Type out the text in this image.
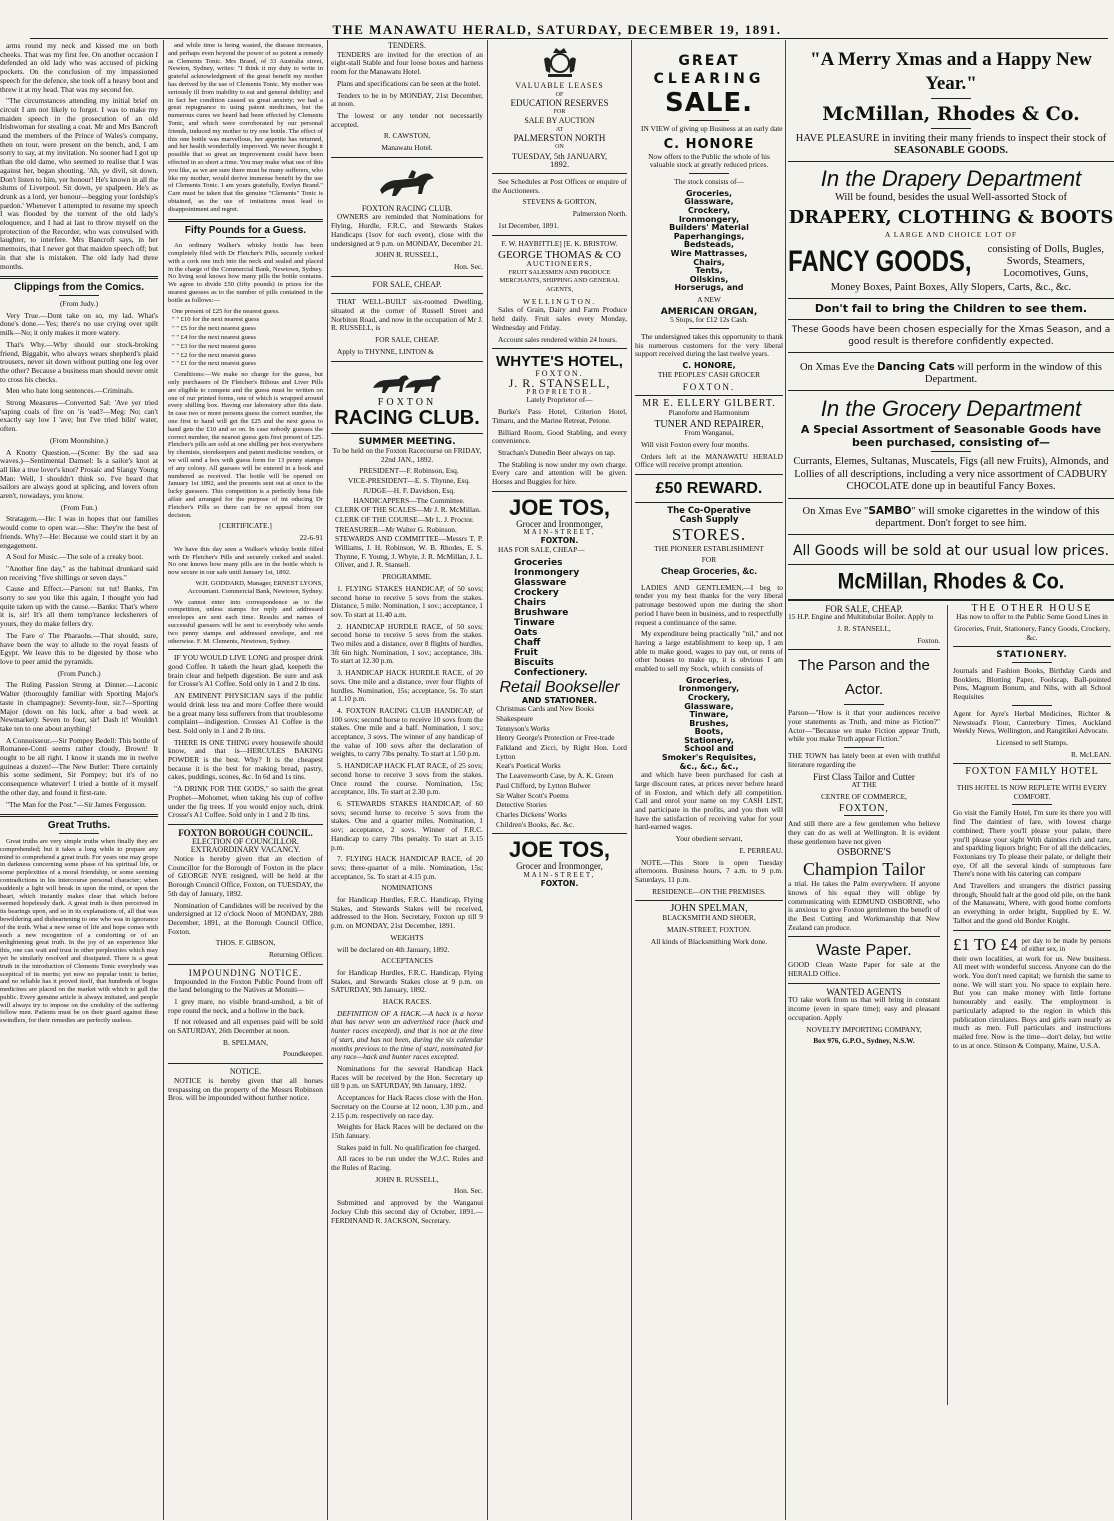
THE MANAWATU HERALD, SATURDAY, DECEMBER 19, 1891.

arms round my neck and kissed me on both cheeks. That was my first fee. On another occasion I defended an old lady who was accused of picking pockets. On the conclusion of my impassioned speech for the defence, she took off a heavy boot and threw it at my head. That was my second fee.

"The circumstances attending my initial brief on circuit I am not likely to forget. I was to make my maiden speech in the prosecution of an old Irishwoman for stealing a coat. Mr and Mrs Bancroft and the members of the Prince of Wales's company, then on tour, were present on the bench, and, I am sorry to say, at my invitation. No sooner had I got up than the old dame, who seemed to realise that I was against her, began shouting, 'Ah, ye divil, sit down. Don't listen to him, yer honour! He's known in all the slums of Liverpool. Sit down, ye spalpeen. He's as drunk as a lord, yer honour—begging your lordship's pardon.' Whenever I attempted to resume my speech I was flooded by the torrent of the old lady's eloquence, and I had at last to throw myself on the protection of the Recorder, who was convulsed with laughter, to interfere. Mrs Bancroft says, in her memoirs, that I never got that maiden speech off; but in that she is mistaken. The old lady had three months.

Clippings from the Comics.

(From Judy.)

Very True.—Dont take on so, my lad. What's done's done.—Yes; there's no use crying over spilt milk—No; it only makes it more watery.

That's Why.—Why should our stock-broking friend, Biggabit, who always wears shepherd's plaid trousers, never sit down without putting one leg over the other? Because a business man should never omit to cross his checks.

Men who hate long sentences.—Criminals.

Strong Measures—Converted Sal: 'Ave yer tried 'saping coals of fire on 'is 'ead?—Meg: No; can't exactly say low I 'ave; but I've tried bilin' water, often.

(From Moonshine.)

A Knotty Question.—(Scene: By the sad sea waves.)—Sentimental Damsel: Is a sailor's knot at all like a true lover's knot? Prosaic and Slangy Young Man: Well, I shouldn't think so. I've heard that sailors are always good at splicing, and lovers often aren't, nowadays, you know.

(From Fun.)

Stratagem.—He: I was in hopes that our families would come to open war.—She: They're the best of friends. Why?—He: Because we could start it by an engagement.

A Soul for Music.—The sole of a creaky boot.

"Another fine day," as the habitual drunkard said on receiving "five shillings or seven days."

Cause and Effect.—Parson: tut tut! Banks, I'm sorry to see you like this again, I thought you had quite taken up with the cause.—Banks: That's where it is, sir! It's all them temp'rance lecksherers of yours, they do make fellers dry.

The Fare o' The Pharaohs.—That should, sure, have been the way to allude to the royal feasts of Egypt. We leave this to be digested by those who love to peer amid the pyramids.

(From Punch.)

The Ruling Passion Strong at Dinner.—Laconic Walter (thoroughly familiar with Sporting Major's taste in champagne): Seventy-four, sir.?—Sporting Major (down on his luck, after a bad week at Newmarket): Seven to four, sir! Dash it! Wouldn't take ten to one about anything!

A Connoisseur.—Sir Pompey Bedell: This bottle of Romanee-Conti seems rather cloudy, Brown! It ought to be all right. I know it stands me in twelve guineas a dozen!—The New Butler: There certainly his some sediment, Sir Pompey; but it's of no consequence whatever! I tried a bottle of it myself the other day, and found it first-rate.

"The Man for the Post."—Sir James Fergusson.

Great Truths.

Great truths are very simple truths when finally they are comprehended; but it takes a long while to prepare any mind to comprehend a great truth. For years one may grope in darkness concerning some phase of his spiritual life, or some perplexities of a moral friendship, or some seeming contradictions in his intercourse personal character; when suddenly a light will break in upon the mind, or upon the heart, which instantly makes clear that which before seemed hopelessly dark. A great truth is then perceived in its bearings upon, and so in its explanations of, all that was bewildering and disheartening to one who was in ignorance of the truth. What a new sense of life and hope comes with such a new recognition of a comforting or of an enlightening great truth. In the joy of an experience like this, one can wait and trust in other perplexities which may yet be similarly resolved and dissipated. There is a great truth in the introduction of Clements Tonic everybody was sceptical of its merits; yet now no popular tonic is better, and no reliable has it proved itself, that hundreds of bogus medicines are placed on the market with which to gull the public. Every genuine article is always imitated, and people will always try to impose on the credulity of the suffering fellow men. Patients must be on their guard against these swindlers, for their remedies are perfectly useless.

and while time is being wasted, the disease increases, and perhaps even beyond the power of so potent a remedy as Clements Tonic. Mrs Brand, of 33 Australia street, Newton, Sydney, writes: "I think it my duty to write in grateful acknowledgment of the great benefit my mother has derived by the use of Clements Tonic. My mother was seriously ill from inability to eat and general debility; and in fact her condition caused us great anxiety; we had a great repugnance to using patent medicines, but the numerous cures we heard had been effected by Clements Tonic, and which were corroborated by our personal friends, induced my mother to try one bottle. The effect of this one bottle was marvellous, her appetite has returned, and her health wonderfully improved. We never thought it possible that so great an improvement could have been effected in so short a time. You may make what use of this you like, as we are sure there must be many sufferers, who like my mother, would derive immense benefit by the use of Clements Tonic. I am yours gratefully, Evelyn Brand." Care must be taken that the genuine "Clements" Tonic is obtained, as the use of imitations must lead to disappointment and regret.

Fifty Pounds for a Guess.

An ordinary Walker's whisky bottle has been completely filed with Dr Fletcher's Pills, securely corked with a cork one inch into the neck and sealed and placed in the charge of the Commercial Bank, Newtown, Sydney. No living soul knows how many pills the bottle contains. We agree to divide £50 (fifty pounds) in prizes for the nearest guesses as to the number of pills contained in the bottle as follows:—

One present of £25 for the nearest guess.
" " £10 for the next nearest guess
" " £5 for the next nearest guess
" " £4 for the next nearest guess
" " £3 for the next nearest guess
" " £2 for the next nearest guess
" " £1 for the next nearest guess

Conditions:—We make no charge for the guess, but only purchasers of Dr Fletcher's Bilious and Liver Pills are eligible to compete and the guess must be written on one of our printed forms, one of which is wrapped around every shilling box. Having our laboratory after this date. In case two or more persons guess the correct number, the one first to hand will get the £25 and the next guess to hand gets the £10 and so on. In case nobody guesses the correct number, the nearest guess gets first present of £25. Fletcher's pills are sold at one shilling per box everywhere by chemists, storekeepers and patent medicine vendors, or we will send a box with guess form for 13 penny stamps of any colony. All guesses will be entered in a book and numbered as received. The bottle will be opened on January 1st 1892, and the presents sent out at once to the lucky guessers. This competition is a perfectly bona fide affair and arranged for the purpose of int oducing Dr Fletcher's Pills so there can be no appeal from our decision.

[CERTIFICATE.]

22-6-91

We have this day seen a Walker's whisky bottle filled with Dr Fletcher's Pills and securely corked and sealed. No one knows how many pills are in the bottle which is now secure in our safe until January 1st, 1892.

W.H. GODDARD, Manager, ERNEST LYONS, Accountant. Commercial Bank, Newtown, Sydney.

We cannot enter into correspondence as to the competition, unless stamps for reply and addressed envelopes are sent each time. Results and names of successful guessers will be sent to everybody who sends two penny stamps and addressed envelope, and not otherwise. F. M. Clements, Newtown, Sydney.

IF YOU WOULD LIVE LONG and prosper drink good Coffee. It taketh the heart glad, keepeth the brain clear and helpeth digestion. Be sure and ask for Crosse's A1 Coffee. Sold only in 1 and 2 lb tins.

AN EMINENT PHYSICIAN says if the public would drink less tea and more Coffee there would be a great many less sufferers from that troublesome complaint—indigestion. Crosses A1 Coffee is the best. Sold only in 1 and 2 lb tins.

THERE IS ONE THING every housewife should know, and that is—HERCULES BAKING POWDER is the best. Why? It is the cheapest because it is the best for making bread, pastry, cakes, puddings, scones, &c. In 6d and 1s tins.

"A DRINK FOR THE GODS," so saith the great Prophet—Mohomet, when taking his cup of coffee under the fig trees. If you would enjoy such, drink Crosse's A1 Coffee. Sold only in 1 and 2 lb tins.

FOXTON BOROUGH COUNCIL.
ELECTION OF COUNCILLOR.
EXTRAORDINARY VACANCY.

Notice is hereby given that an election of Councillor for the Borough of Foxton in the place of GEORGE NYE resigned, will be held at the Borough Council Office, Foxton, on TUESDAY, the 5th day of January, 1892.

Nomination of Candidates will be received by the undersigned at 12 o'clock Noon of MONDAY, 28th December, 1891, at the Borough Council Office, Foxton.

THOS. F. GIBSON,

Returning Officer.

IMPOUNDING NOTICE.

Impounded in the Foxton Public Pound from off the land belonging to the Natives at Motuiti—

1 grey mare, no visible brand-unshod, a bit of rope round the neck, and a hollow in the back.

If not released and all expenses paid will be sold on SATURDAY, 26th December at noon.

B. SPELMAN,

Poundkeeper.

NOTICE.

NOTICE is hereby given that all horses trespassing on the property of the Messrs Robinson Bros. will be impounded without further notice.

TENDERS.

TENDERS are invited for the erection of an eight-stall Stable and four loose boxes and harness room for the Manawatu Hotel.

Plans and specifications can be seen at the hotel.

Tenders to be in by MONDAY, 21st December, at noon.

The lowest or any tender not necessarily accepted.

R. CAWSTON,

Manawatu Hotel.

FOXTON RACING CLUB.

OWNERS are reminded that Nominations for Flying, Hurdle, F.R.C, and Stewards Stakes Handicaps (1sov for each event), close with the undersigned at 9 p.m. on MONDAY, December 21.

JOHN R. RUSSELL,

Hon. Sec.

FOR SALE, CHEAP.

THAT WELL-BUILT six-roomed Dwelling, situated at the corner of Russell Street and Norbiton Road, and now in the occupation of Mr J. R. RUSSELL, is

FOR SALE, CHEAP.

Apply to THYNNE, LINTON &

FOXTON
RACING CLUB.
SUMMER MEETING.

To be held on the Foxton Racecourse on FRIDAY, 22nd JAN., 1892.

PRESIDENT—F. Robinson, Esq.
VICE-PRESIDENT—E. S. Thynne, Esq.
JUDGE—H. F. Davidson, Esq.
HANDICAPPERS—The Committee.
CLERK OF THE SCALES—Mr J. R. McMillan.
CLERK OF THE COURSE—Mr L. J. Proctor.
TREASURER—Mr Walter G. Robinson.
STEWARDS AND COMMITTEE—Messrs T. P. Williams, J. H. Robinson, W. B. Rhodes, E. S. Thynne, F. Young, J. Whyte, J. R. McMillan, J. L. Oliver, and J. R. Stansell.

PROGRAMME.

1. FLYING STAKES HANDICAP, of 50 sovs; second horse to receive 5 sovs from the stakes. Distance, 5 mile. Nomination, 1 sov.; acceptance, 1 sov. To start at 11.40 a.m.

2. HANDICAP HURDLE RACE, of 50 sovs; second horse to receive 5 sovs from the stakes. Two miles and a distance, over 8 flights of hurdles, 3ft 6in high. Nomination, 1 sov.; acceptance, 30s. To start at 12.30 p.m.

3. HANDICAP HACK HURDLE RACE, of 20 sovs. One mile and a distance, over four flights of hurdles. Nomination, 15s; acceptance, 5s. To start at 1.10 p.m.

4. FOXTON RACING CLUB HANDICAP, of 100 sovs; second horse to receive 10 sovs from the stakes. One mile and a half. Nomination, 1 sov.; acceptance, 3 sovs. The winner of any handicap of the value of 100 sovs after the declaration of weights, to carry 7lbs penalty. To start at 1.50 p.m.

5. HANDICAP HACK FLAT RACE, of 25 sovs; second horse to receive 3 sovs from the stakes. Once round the course. Nomination, 15s; acceptance, 10s. To start at 2.30 p.m.

6. STEWARDS STAKES HANDICAP, of 60 sovs; second horse to receive 5 sovs from the stakes. One and a quarter miles. Nomination, 1 sov; acceptance, 2 sovs. Winner of F.R.C. Handicap to carry 7lbs penalty. To start at 3.15 p.m.

7. FLYING HACK HANDICAP RACE, of 20 sovs; three-quarter of a mile. Nomination, 15s; acceptance, 5s. To start at 4.15 p.m.

NOMINATIONS

for Handicap Hurdles, F.R.C. Handicap, Flying Stakes, and Stewards Stakes will be received, addressed to the Hon. Secretary, Foxton up till 9 p.m. on MONDAY, 21st December, 1891.

WEIGHTS

will be declared on 4th January, 1892.

ACCEPTANCES

for Handicap Hurdles, F.R.C. Handicap, Flying Stakes, and Stewards Stakes close at 9 p.m. on SATURDAY, 9th January, 1892.

HACK RACES.

DEFINITION OF A HACK.—A hack is a horse that has never won an advertised race (hack and hunter races excepted), and that is not at the time of start, and has not been, during the six calendar months previous to the time of start, nominated for any race—hack and hunter races excepted.

Nominations for the several Handicap Hack Races will be received by the Hon. Secretary up till 9 p.m. on SATURDAY, 9th January, 1892.

Acceptances for Hack Races close with the Hon. Secretary on the Course at 12 noon, 1.30 p.m., and 2.15 p.m. respectively on race day.

Weights for Hack Races will be declared on the 15th January.

Stakes paid in full. No qualification fee charged.

All races to be run under the W.J.C. Rules and the Rules of Racing.

JOHN R. RUSSELL,

Hon. Sec.

Submitted and approved by the Wanganui Jockey Club this second day of October, 1891.—FERDINAND R. JACKSON, Secretary.

VALUABLE LEASES
OF
EDUCATION RESERVES
FOR
SALE BY AUCTION
AT
PALMERSTON NORTH
ON
TUESDAY, 5th JANUARY,
1892.

See Schedules at Post Offices or enquire of the Auctioneers.

STEVENS & GORTON,

Palmerston North.

1st December, 1891.

F. W. HAYBITTLE] [E. K. BRISTOW.

GEORGE THOMAS & CO
AUCTIONEERS,

FRUIT SALESMEN AND PRODUCE MERCHANTS, SHIPPING AND GENERAL AGENTS,

WELLINGTON.

Sales of Grain, Dairy and Farm Produce held daily. Fruit sales every Monday, Wednesday and Friday.

Account sales rendered within 24 hours.

WHYTE'S HOTEL,
FOXTON.
J. R. STANSELL,
PROPRIETOR.

Lately Proprietor of—

Burke's Pass Hotel, Criterion Hotel, Timaru, and the Marine Retreat, Petone.

Billiard Room, Good Stabling, and every convenience.

Strachan's Dunedin Beer always on tap.

The Stabling is now under my own charge. Every care and attention will be given. Horses and Buggies for hire.

JOE TOS,
Grocer and Ironmonger,
MAIN-STREET,
FOXTON.

HAS FOR SALE, CHEAP—

Groceries
Ironmongery
Glassware
Crockery
Chairs
Brushware
Tinware
Oats
Chaff
Fruit
Biscuits
Confectionery.
Retail Bookseller
AND STATIONER.
Christmas Cards and New Books
Shakespeare
Tennyson's Works
Henry George's Protection or Free-trade
Falkland and Zicci, by Right Hon. Lord Lytton
Keat's Poetical Works
The Leavenworth Case, by A. K. Green
Paul Clifford, by Lytton Bulwer
Sir Walter Scott's Poems
Detective Stories
Charles Dickens' Works
Children's Books, &c. &c.
JOE TOS,
Grocer and Ironmonger,
MAIN-STREET,
FOXTON.
GREAT
CLEARING
SALE.

IN VIEW of giving up Business at an early date

C. HONORE

Now offers to the Public the whole of his valuable stock at greatly reduced prices.

The stock consists of—

Groceries,
Glassware,
Crockery,
Ironmongery,
Builders' Material
Paperhangings,
Bedsteads,
Wire Mattrasses,
Chairs,
Tents,
Oilskins,
Horserugs, and

A NEW

AMERICAN ORGAN,

5 Stops, for £12 12s Cash.

The undersigned takes this opportunity to thank his numerous customers for the very liberal support received during the last twelve years.

C. HONORE,

THE PEOPLES' CASH GROCER

FOXTON.
MR E. ELLERY GILBERT.

Pianoforte and Harmonium

TUNER AND REPAIRER,

From Wanganui,

Will visit Foxton every four months.

Orders left at the MANAWATU HERALD Office will receive prompt attention.

£50 REWARD.
The Co-Operative
Cash Supply
STORES.

THE PIONEER ESTABLISHMENT

FOR

Cheap Groceries, &c.

LADIES AND GENTLEMEN,—I beg to tender you my best thanks for the very liberal patronage bestowed upon me during the short period I have been in business, and to respectfully request a continuance of the same.

My expenditure being practically "nil," and not having a large establishment to keep up, I am able to make good, wages to pay out, or rents of other houses to make up, it is obvious I am enabled to sell my Stock, which consists of

Groceries,
Ironmongery,
Crockery,
Glassware,
Tinware,
Brushes,
Boots,
Stationery,
School and
Smoker's Requisites,
&c., &c., &c.,

and which have been purchased for cash at large discount rates, at prices never before heard of in Foxton, and which defy all competition. Call and enrol your name on my CASH LIST, and participate in the profits, and you then will have the satisfaction of receiving value for your hard-earned wages.

Your obedient servant,

E. PERREAU.

NOTE.—This Store is open Tuesday afternoons. Business hours, 7 a.m. to 9 p.m. Saturdays, 11 p.m.

RESIDENCE—ON THE PREMISES.

JOHN SPELMAN,

BLACKSMITH AND SHOER,

MAIN-STREET. FOXTON.

All kinds of Blacksmithing Work done.

"A Merry Xmas and a Happy New Year."
McMillan, Rhodes & Co.

HAVE PLEASURE in inviting their many friends to inspect their stock of SEASONABLE GOODS.

In the Drapery Department

Will be found, besides the usual Well-assorted Stock of

DRAPERY, CLOTHING & BOOTS

A LARGE AND CHOICE LOT OF

FANCY GOODS,	consisting of Dolls, Bugles, Swords, Steamers, Locomotives, Guns,

Money Boxes, Paint Boxes, Ally Slopers, Carts, &c., &c.

Don't fail to bring the Children to see them.

These Goods have been chosen especially for the Xmas Season, and a good result is therefore confidently expected.

On Xmas Eve the Dancing Cats will perform in the window of this Department.

In the Grocery Department
A Special Assortment of Seasonable Goods have been purchased, consisting of—

Currants, Elemes, Sultanas, Muscatels, Figs (all new Fruits), Almonds, and Lollies of all descriptions, including a very nice assortment of CADBURY CHOCOLATE done up in beautiful Fancy Boxes.

On Xmas Eve "SAMBO" will smoke cigarettes in the window of this department. Don't forget to see him.

All Goods will be sold at our usual low prices.
McMillan, Rhodes & Co.
FOR SALE, CHEAP.

15 H.P. Engine and Multitubular Boiler. Apply to

J. R. STANSELL,

Foxton.

The Parson and the Actor.

Parson—"How is it that your audiences receive your statements as Truth, and mine as Fiction?" Actor—"Because we make Fiction appear Truth, while you make Truth appear Fiction."

THE TOWN has lately been at even with truthful literature regarding the

First Class Tailor and Cutter

AT THE

CENTRE OF COMMERCE,

FOXTON,

And still there are a few gentlemen who believe they can do as well at Wellington. It is evident these gentlemen have not given

OSBORNE'S
Champion Tailor

a trial. He takes the Palm everywhere. If anyone knows of his equal they will oblige by communicating with EDMUND OSBORNE, who is anxious to give Foxton gentlemen the benefit of the Best Cutting and Workmanship that New Zealand can produce.

Waste Paper.

GOOD Clean Waste Paper for sale at the HERALD Office.

WANTED AGENTS

TO take work from us that will bring in constant income (even in spare time); easy and pleasant occupation. Apply

NOVELTY IMPORTING COMPANY,

Box 976, G.P.O., Sydney, N.S.W.

THE OTHER HOUSE

Has now to offer to the Public Some Good Lines in

Groceries, Fruit, Stationery, Fancy Goods, Crockery, &c.

STATIONERY.

Journals and Fashion Books, Birthday Cards and Booklets, Blotting Paper, Foolscap, Ball-pointed Pens, Magnum Bonum, and Nibs, with all School Requisites

Agent for Ayre's Herbal Medicines, Richter & Newstead's Flour, Canterbury Times, Auckland Weekly News, Wellington, and Rangitikei Advocate.

Licensed to sell Stamps.

R. McLEAN.

FOXTON FAMILY HOTEL

THIS HOTEL IS NOW REPLETE WITH EVERY COMFORT.

Go visit the Family Hotel, I'm sure its there you will find The daintiest of fare, with lowest charge combined; There you'll please your palate, there you'll please your sight With dainties rich and rare, and sparkling liquors bright; For of all the delicacies, Foxtonians try To please their palate, or delight their eye, Of all the several kinds of sumptuous fare There's none with his catering can compare

And Travellers and strangers the district passing through, Should halt at the good old pile, on the bank of the Manawatu, Where, with good home comforts an everything in order bright, Supplied by E. W. Talbot and the good old Border Knight.

£1 TO £4 per day to be made by persons of either sex, in

their own localities, at work for us. New business. All meet with wonderful success. Anyone can do the work. You don't need capital; we furnish the same to none. We will start you. No space to explain here. But you can make money with little fortune honourably and easily. The employment is particularly adapted to the region in which this publication circulates. Boys and girls earn nearly as much as men. Full particulars and instructions mailed free. Now is the time—don't delay, but write to us at once. Stinson & Company, Maine, U.S.A.
